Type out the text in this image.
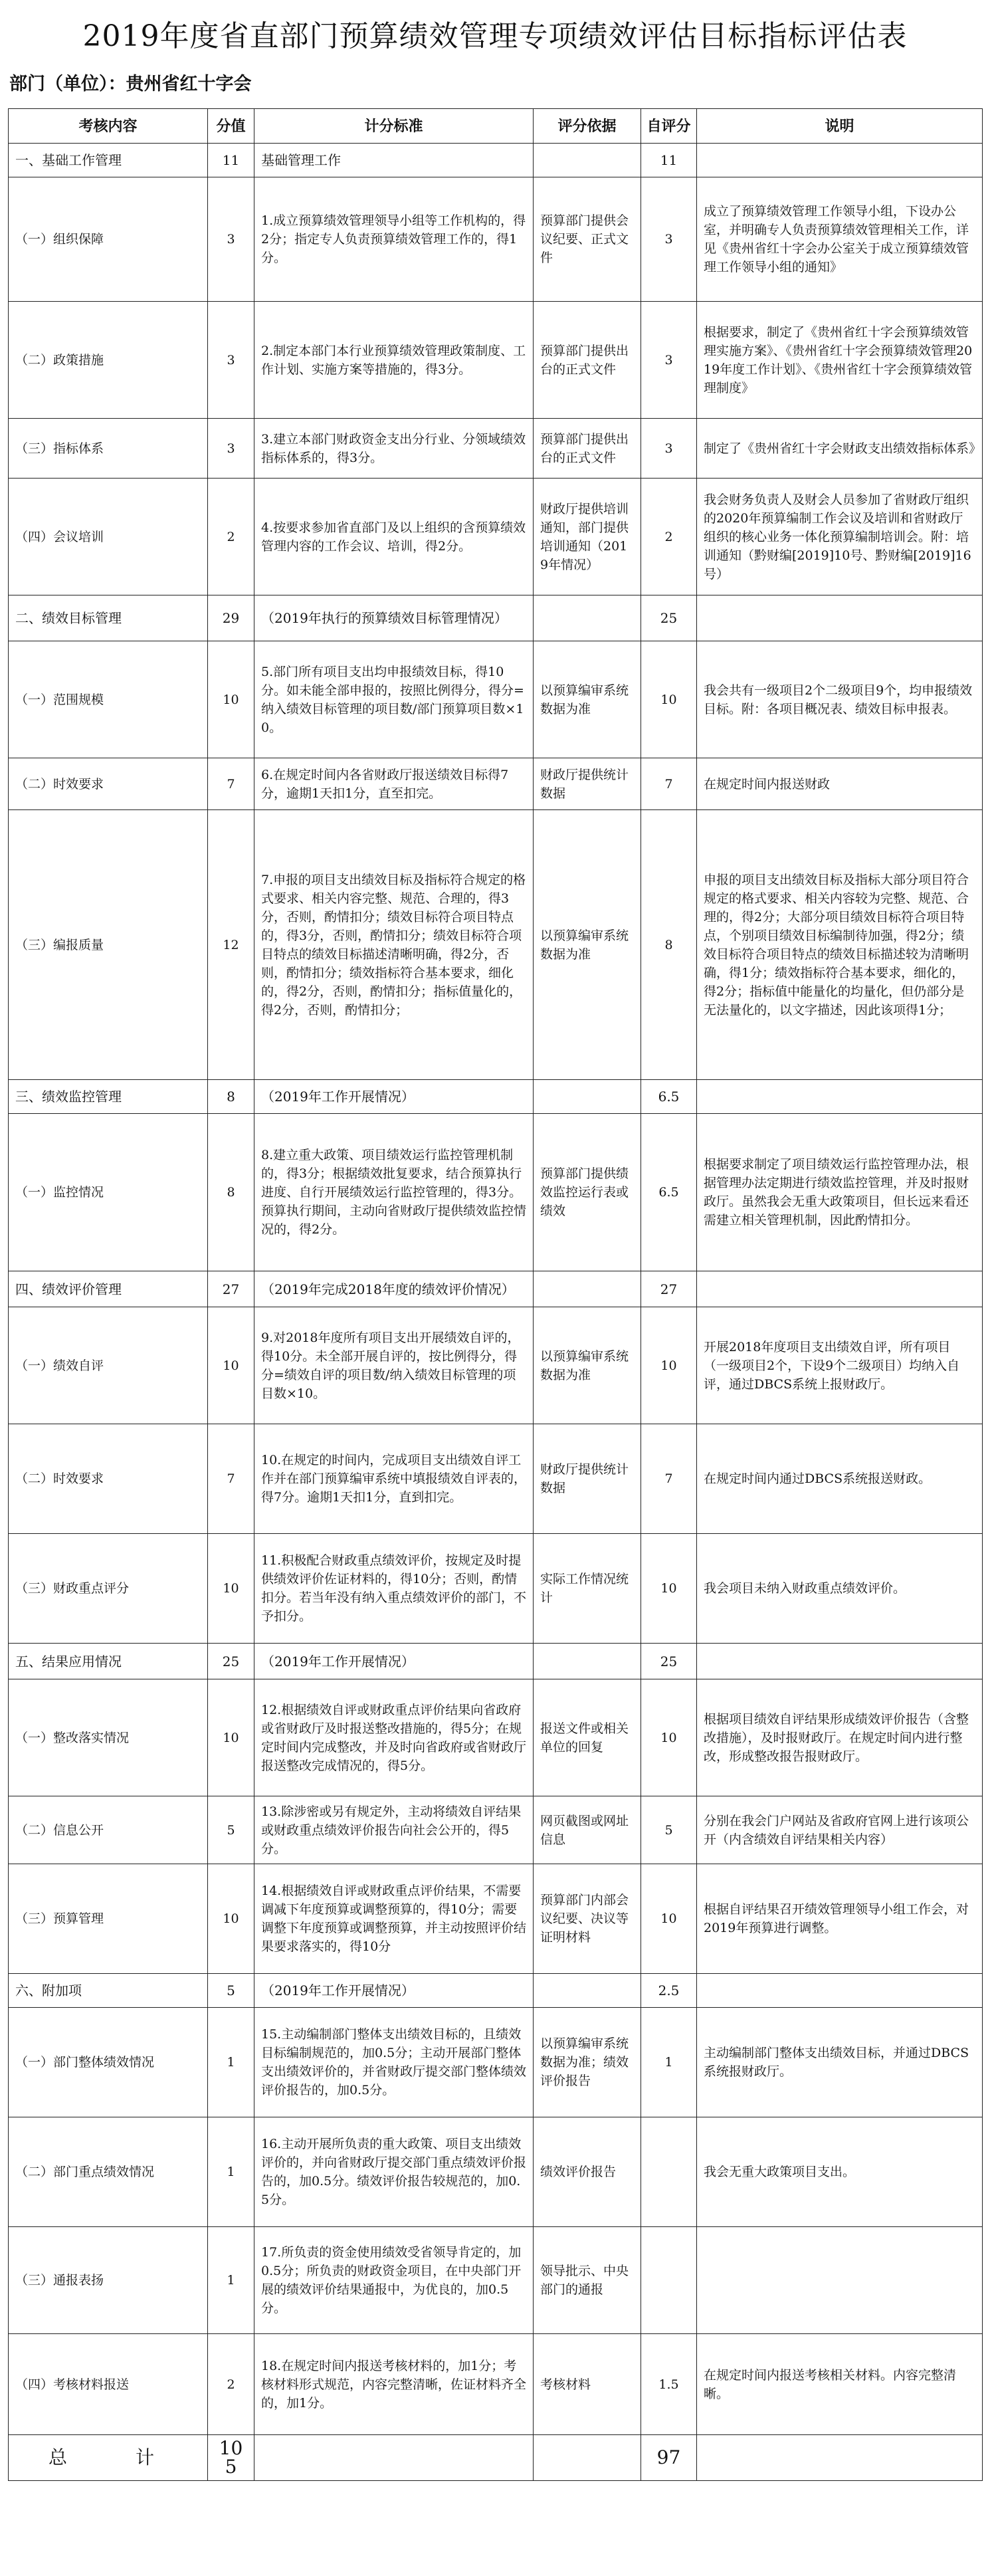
2019年度省直部门预算绩效管理专项绩效评估目标指标评估表
部门（单位）：贵州省红十字会
考核内容	分值	计分标准	评分依据	自评分	说明
一、基础工作管理	11	基础管理工作		11	
（一）组织保障	3	1.成立预算绩效管理领导小组等工作机构的，得2分；指定专人负责预算绩效管理工作的，得1分。	预算部门提供会议纪要、正式文件	3	成立了预算绩效管理工作领导小组，下设办公室，并明确专人负责预算绩效管理相关工作，详见《贵州省红十字会办公室关于成立预算绩效管理工作领导小组的通知》
（二）政策措施	3	2.制定本部门本行业预算绩效管理政策制度、工作计划、实施方案等措施的，得3分。	预算部门提供出台的正式文件	3	根据要求，制定了《贵州省红十字会预算绩效管理实施方案》、《贵州省红十字会预算绩效管理2019年度工作计划》、《贵州省红十字会预算绩效管理制度》
（三）指标体系	3	3.建立本部门财政资金支出分行业、分领域绩效指标体系的，得3分。	预算部门提供出台的正式文件	3	制定了《贵州省红十字会财政支出绩效指标体系》
（四）会议培训	2	4.按要求参加省直部门及以上组织的含预算绩效管理内容的工作会议、培训，得2分。	财政厅提供培训通知，部门提供培训通知（2019年情况）	2	我会财务负责人及财会人员参加了省财政厅组织的2020年预算编制工作会议及培训和省财政厅组织的核心业务一体化预算编制培训会。附：培训通知（黔财编[2019]10号、黔财编[2019]16号）
二、绩效目标管理	29	（2019年执行的预算绩效目标管理情况）		25	
（一）范围规模	10	5.部门所有项目支出均申报绩效目标，得10分。如未能全部申报的，按照比例得分，得分=纳入绩效目标管理的项目数/部门预算项目数×10。	以预算编审系统数据为准	10	我会共有一级项目2个二级项目9个，均申报绩效目标。附：各项目概况表、绩效目标申报表。
（二）时效要求	7	6.在规定时间内各省财政厅报送绩效目标得7分，逾期1天扣1分，直至扣完。	财政厅提供统计数据	7	在规定时间内报送财政
（三）编报质量	12	7.申报的项目支出绩效目标及指标符合规定的格式要求、相关内容完整、规范、合理的，得3分，否则，酌情扣分；绩效目标符合项目特点的，得3分，否则，酌情扣分；绩效目标符合项目特点的绩效目标描述清晰明确，得2分，否则，酌情扣分；绩效指标符合基本要求，细化的，得2分，否则，酌情扣分；指标值量化的，得2分，否则，酌情扣分；	以预算编审系统数据为准	8	申报的项目支出绩效目标及指标大部分项目符合规定的格式要求、相关内容较为完整、规范、合理的，得2分；大部分项目绩效目标符合项目特点，个别项目绩效目标编制待加强，得2分；绩效目标符合项目特点的绩效目标描述较为清晰明确，得1分；绩效指标符合基本要求，细化的，得2分；指标值中能量化的均量化，但仍部分是无法量化的，以文字描述，因此该项得1分；
三、绩效监控管理	8	（2019年工作开展情况）		6.5	
（一）监控情况	8	8.建立重大政策、项目绩效运行监控管理机制的，得3分；根据绩效批复要求，结合预算执行进度、自行开展绩效运行监控管理的，得3分。预算执行期间，主动向省财政厅提供绩效监控情况的，得2分。	预算部门提供绩效监控运行表或绩效	6.5	根据要求制定了项目绩效运行监控管理办法，根据管理办法定期进行绩效监控管理，并及时报财政厅。虽然我会无重大政策项目，但长远来看还需建立相关管理机制，因此酌情扣分。
四、绩效评价管理	27	（2019年完成2018年度的绩效评价情况）		27	
（一）绩效自评	10	9.对2018年度所有项目支出开展绩效自评的，得10分。未全部开展自评的，按比例得分，得分=绩效自评的项目数/纳入绩效目标管理的项目数×10。	以预算编审系统数据为准	10	开展2018年度项目支出绩效自评，所有项目（一级项目2个，下设9个二级项目）均纳入自评，通过DBCS系统上报财政厅。
（二）时效要求	7	10.在规定的时间内，完成项目支出绩效自评工作并在部门预算编审系统中填报绩效自评表的，得7分。逾期1天扣1分，直到扣完。	财政厅提供统计数据	7	在规定时间内通过DBCS系统报送财政。
（三）财政重点评分	10	11.积极配合财政重点绩效评价，按规定及时提供绩效评价佐证材料的，得10分；否则，酌情扣分。若当年没有纳入重点绩效评价的部门，不予扣分。	实际工作情况统计	10	我会项目未纳入财政重点绩效评价。
五、结果应用情况	25	（2019年工作开展情况）		25	
（一）整改落实情况	10	12.根据绩效自评或财政重点评价结果向省政府或省财政厅及时报送整改措施的，得5分；在规定时间内完成整改，并及时向省政府或省财政厅报送整改完成情况的，得5分。	报送文件或相关单位的回复	10	根据项目绩效自评结果形成绩效评价报告（含整改措施），及时报财政厅。在规定时间内进行整改，形成整改报告报财政厅。
（二）信息公开	5	13.除涉密或另有规定外，主动将绩效自评结果或财政重点绩效评价报告向社会公开的，得5分。	网页截图或网址信息	5	分别在我会门户网站及省政府官网上进行该项公开（内含绩效自评结果相关内容）
（三）预算管理	10	14.根据绩效自评或财政重点评价结果，不需要调减下年度预算或调整预算的，得10分；需要调整下年度预算或调整预算，并主动按照评价结果要求落实的，得10分	预算部门内部会议纪要、决议等证明材料	10	根据自评结果召开绩效管理领导小组工作会，对2019年预算进行调整。
六、附加项	5	（2019年工作开展情况）		2.5	
（一）部门整体绩效情况	1	15.主动编制部门整体支出绩效目标的，且绩效目标编制规范的，加0.5分；主动开展部门整体支出绩效评价的，并省财政厅提交部门整体绩效评价报告的，加0.5分。	以预算编审系统数据为准；绩效评价报告	1	主动编制部门整体支出绩效目标，并通过DBCS系统报财政厅。
（二）部门重点绩效情况	1	16.主动开展所负责的重大政策、项目支出绩效评价的，并向省财政厅提交部门重点绩效评价报告的，加0.5分。绩效评价报告较规范的，加0.5分。	绩效评价报告		我会无重大政策项目支出。
（三）通报表扬	1	17.所负责的资金使用绩效受省领导肯定的，加0.5分；所负责的财政资金项目，在中央部门开展的绩效评价结果通报中，为优良的，加0.5分。	领导批示、中央部门的通报		
（四）考核材料报送	2	18.在规定时间内报送考核材料的，加1分；考核材料形式规范，内容完整清晰，佐证材料齐全的，加1分。	考核材料	1.5	在规定时间内报送考核相关材料。内容完整清晰。

总 计	105			97	
